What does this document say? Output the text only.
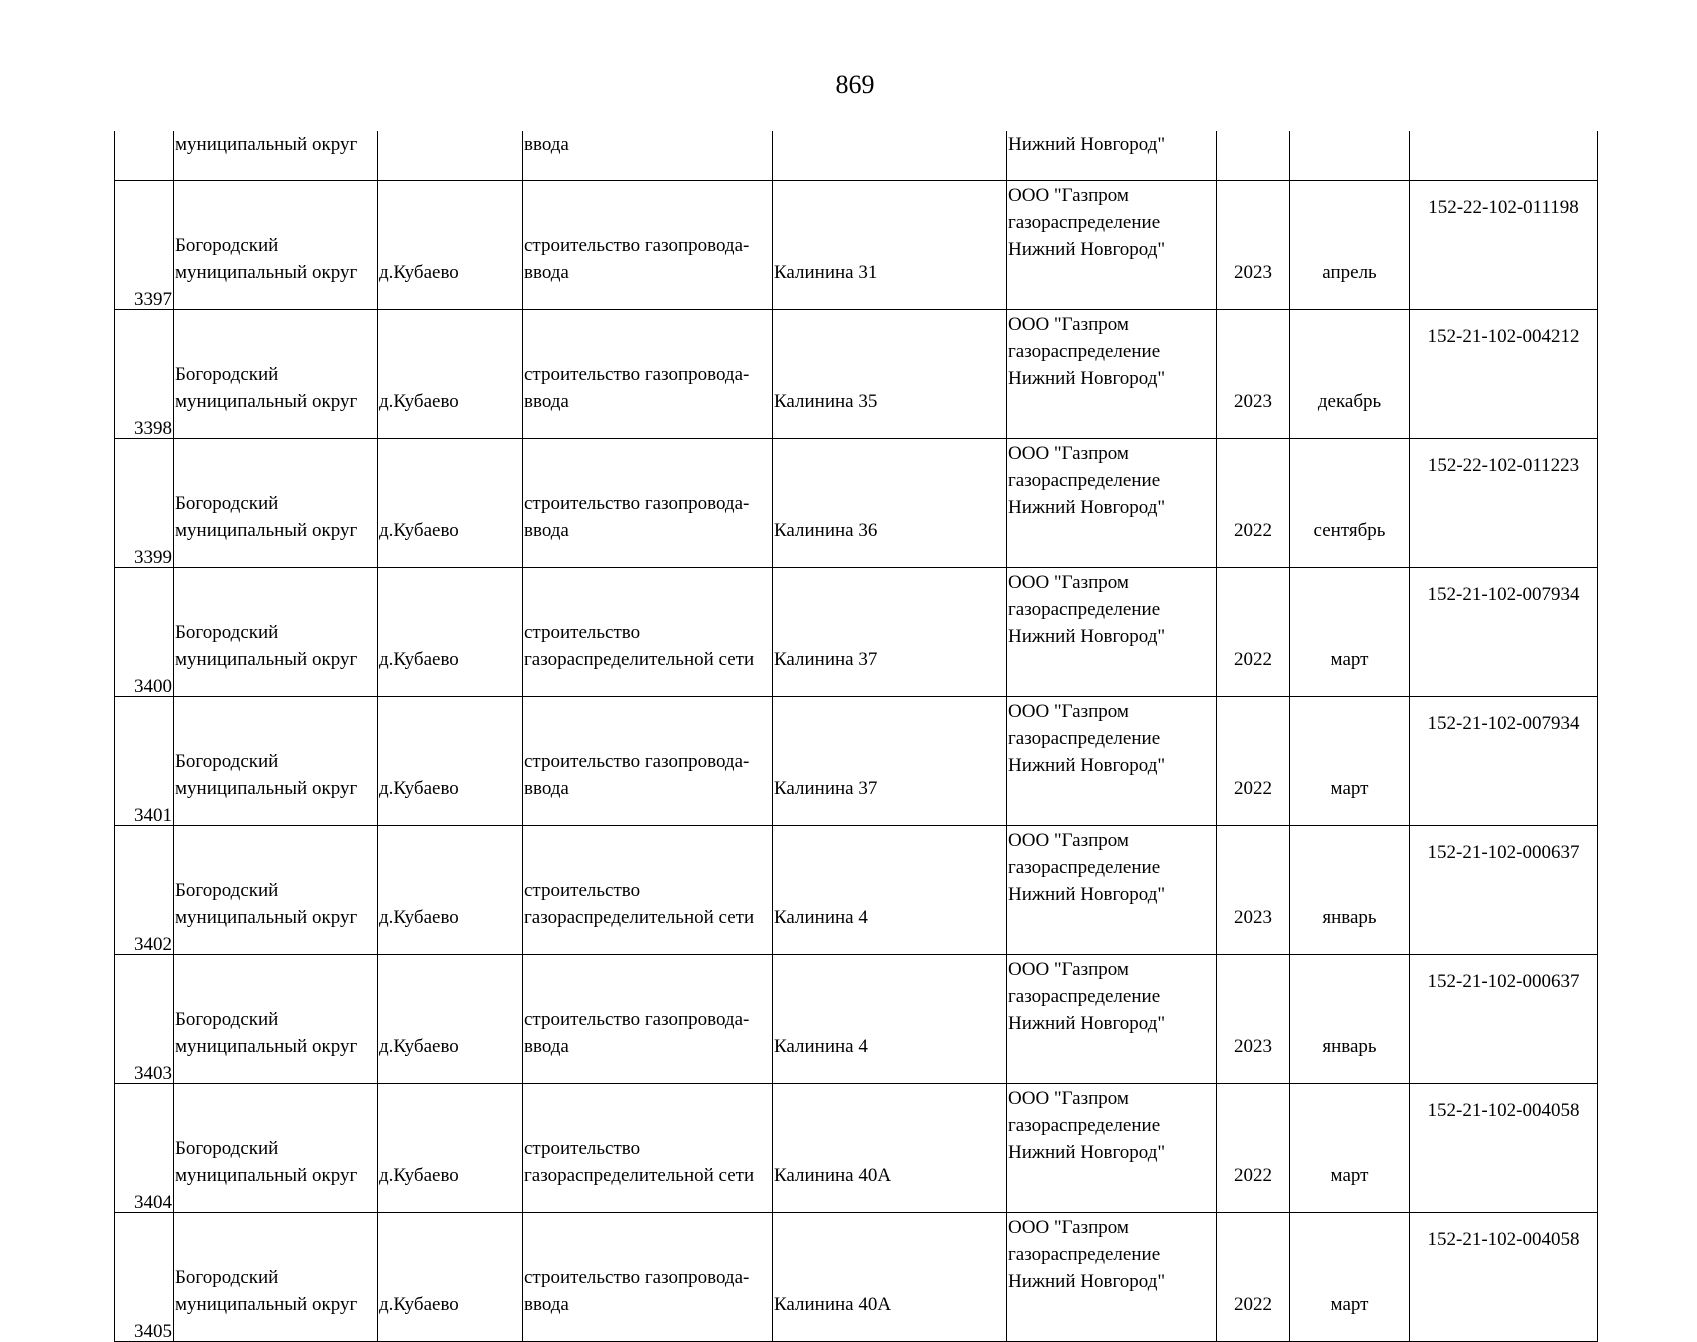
869
	муниципальный округ		ввода		Нижний Новгород"			

3397	Богородский
муниципальный округ	д.Кубаево	строительство газопровода-
ввода	Калинина 31	ООО "Газпром
газораспределение
Нижний Новгород"	2023	апрель	152-22-102-011198

3398	Богородский
муниципальный округ	д.Кубаево	строительство газопровода-
ввода	Калинина 35	ООО "Газпром
газораспределение
Нижний Новгород"	2023	декабрь	152-21-102-004212

3399	Богородский
муниципальный округ	д.Кубаево	строительство газопровода-
ввода	Калинина 36	ООО "Газпром
газораспределение
Нижний Новгород"	2022	сентябрь	152-22-102-011223

3400	Богородский
муниципальный округ	д.Кубаево	строительство
газораспределительной сети	Калинина 37	ООО "Газпром
газораспределение
Нижний Новгород"	2022	март	152-21-102-007934

3401	Богородский
муниципальный округ	д.Кубаево	строительство газопровода-
ввода	Калинина 37	ООО "Газпром
газораспределение
Нижний Новгород"	2022	март	152-21-102-007934

3402	Богородский
муниципальный округ	д.Кубаево	строительство
газораспределительной сети	Калинина 4	ООО "Газпром
газораспределение
Нижний Новгород"	2023	январь	152-21-102-000637

3403	Богородский
муниципальный округ	д.Кубаево	строительство газопровода-
ввода	Калинина 4	ООО "Газпром
газораспределение
Нижний Новгород"	2023	январь	152-21-102-000637

3404	Богородский
муниципальный округ	д.Кубаево	строительство
газораспределительной сети	Калинина 40А	ООО "Газпром
газораспределение
Нижний Новгород"	2022	март	152-21-102-004058

3405	Богородский
муниципальный округ	д.Кубаево	строительство газопровода-
ввода	Калинина 40А	ООО "Газпром
газораспределение
Нижний Новгород"	2022	март	152-21-102-004058
